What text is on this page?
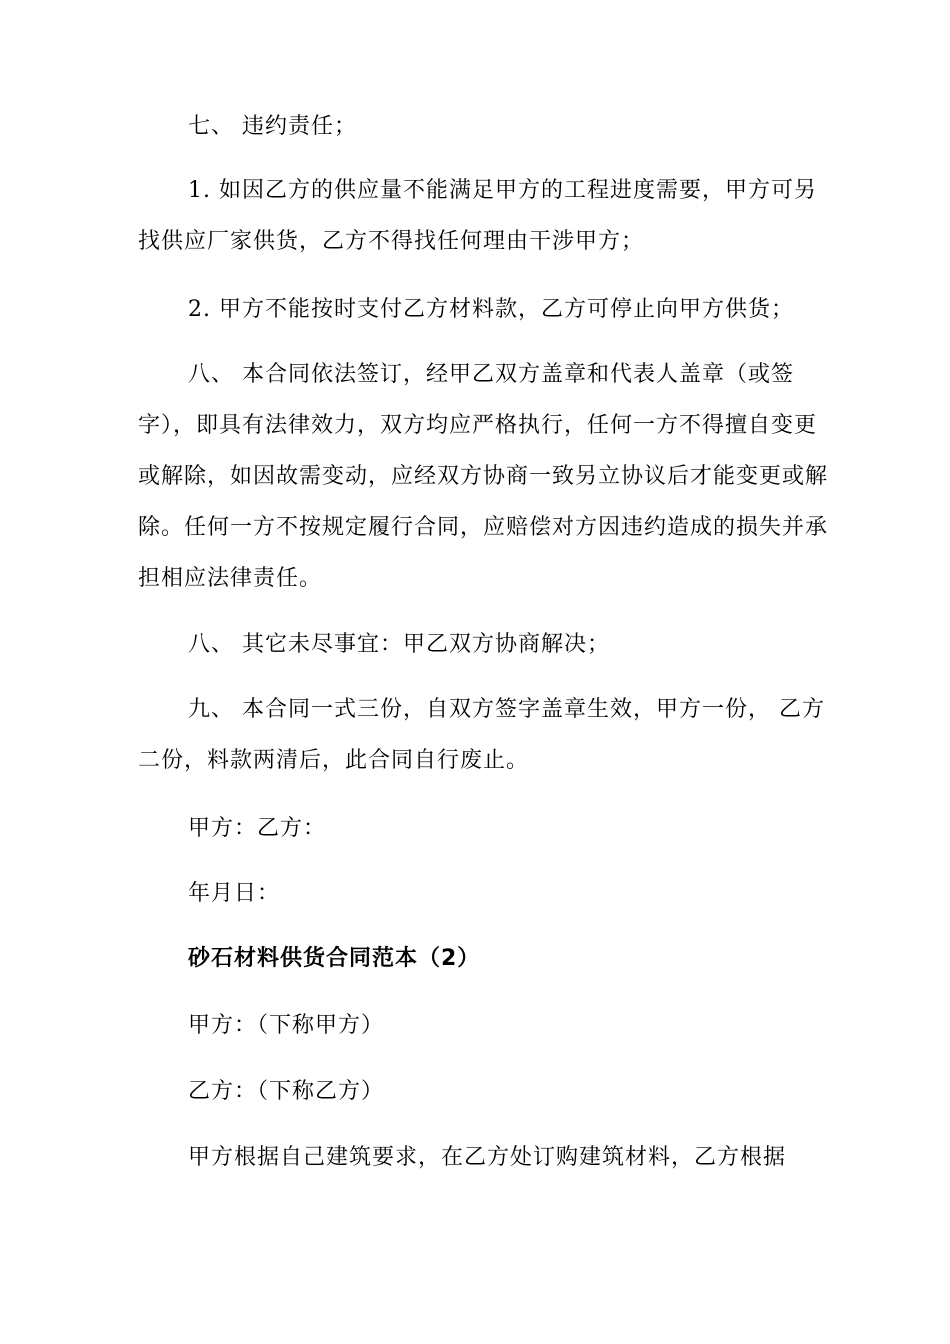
七、 违约责任；

1. 如因乙方的供应量不能满足甲方的工程进度需要，甲方可另找供应厂家供货，乙方不得找任何理由干涉甲方；

2. 甲方不能按时支付乙方材料款，乙方可停止向甲方供货；

八、 本合同依法签订，经甲乙双方盖章和代表人盖章（或签字），即具有法律效力，双方均应严格执行，任何一方不得擅自变更或解除，如因故需变动，应经双方协商一致另立协议后才能变更或解除。任何一方不按规定履行合同，应赔偿对方因违约造成的损失并承担相应法律责任。

八、 其它未尽事宜：甲乙双方协商解决；

九、 本合同一式三份，自双方签字盖章生效，甲方一份， 乙方二份，料款两清后，此合同自行废止。

甲方：乙方：

年月日：

砂石材料供货合同范本（2）

甲方：（下称甲方）

乙方：（下称乙方）

甲方根据自己建筑要求，在乙方处订购建筑材料，乙方根据
